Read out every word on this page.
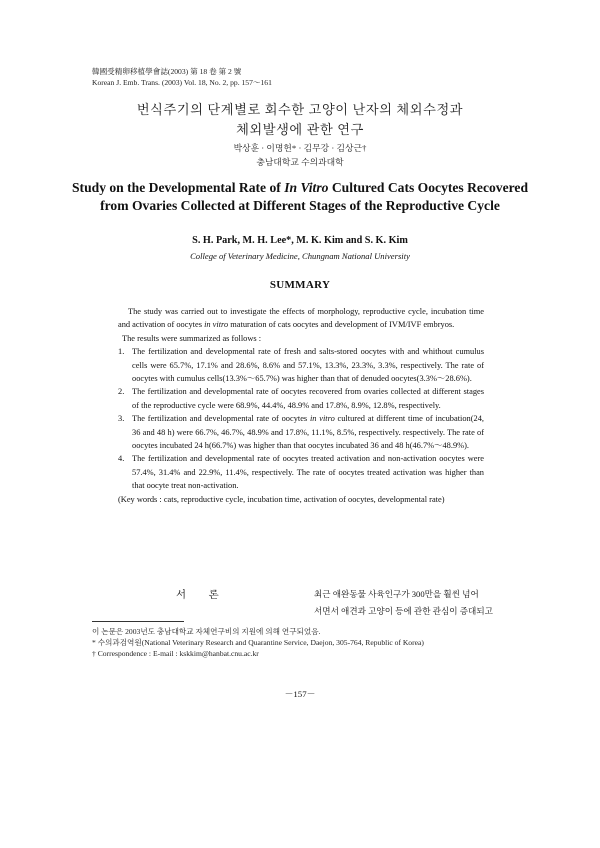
韓國受精卵移植學會誌(2003) 第 18 卷 第 2 號
Korean J. Emb. Trans. (2003) Vol. 18, No. 2, pp. 157～161
번식주기의 단계별로 회수한 고양이 난자의 체외수정과
체외발생에 관한 연구
박상훈 · 이명헌* · 김무강 · 김상근†
충남대학교 수의과대학
Study on the Developmental Rate of In Vitro Cultured Cats Oocytes Recovered from Ovaries Collected at Different Stages of the Reproductive Cycle
S. H. Park, M. H. Lee*, M. K. Kim and S. K. Kim
College of Veterinary Medicine, Chungnam National University
SUMMARY
The study was carried out to investigate the effects of morphology, reproductive cycle, incubation time and activation of oocytes in vitro maturation of cats oocytes and development of IVM/IVF embryos.
The results were summarized as follows :
1. The fertilization and developmental rate of fresh and salts-stored oocytes with and whithout cumulus cells were 65.7%, 17.1% and 28.6%, 8.6% and 57.1%, 13.3%, 23.3%, 3.3%, respectively. The rate of oocytes with cumulus cells(13.3%～65.7%) was higher than that of denuded oocytes(3.3%～28.6%).
2. The fertilization and developmental rate of oocytes recovered from ovaries collected at different stages of the reproductive cycle were 68.9%, 44.4%, 48.9% and 17.8%, 8.9%, 12.8%, respectively.
3. The fertilization and developmental rate of oocytes in vitro cultured at different time of incubation(24, 36 and 48 h) were 66.7%, 46.7%, 48.9% and 17.8%, 11.1%, 8.5%, respectively. respectively. The rate of oocytes incubated 24 h(66.7%) was higher than that oocytes incubated 36 and 48 h(46.7%～48.9%).
4. The fertilization and developmental rate of oocytes treated activation and non-activation oocytes were 57.4%, 31.4% and 22.9%, 11.4%, respectively. The rate of oocytes treated activation was higher than that oocyte treat non-activation.
(Key words : cats, reproductive cycle, incubation time, activation of oocytes, developmental rate)
서 론	최근 애완동물 사육인구가 300만을 훨씬 넘어
서면서 애견과 고양이 등에 관한 관심이 증대되고
이 논문은 2003년도 충남대학교 자체연구비의 지원에 의해 연구되었음.
* 수의과검역원(National Veterinary Research and Quarantine Service, Daejon, 305-764, Republic of Korea)
† Correspondence : E-mail : kskkim@hanbat.cnu.ac.kr
－157－
